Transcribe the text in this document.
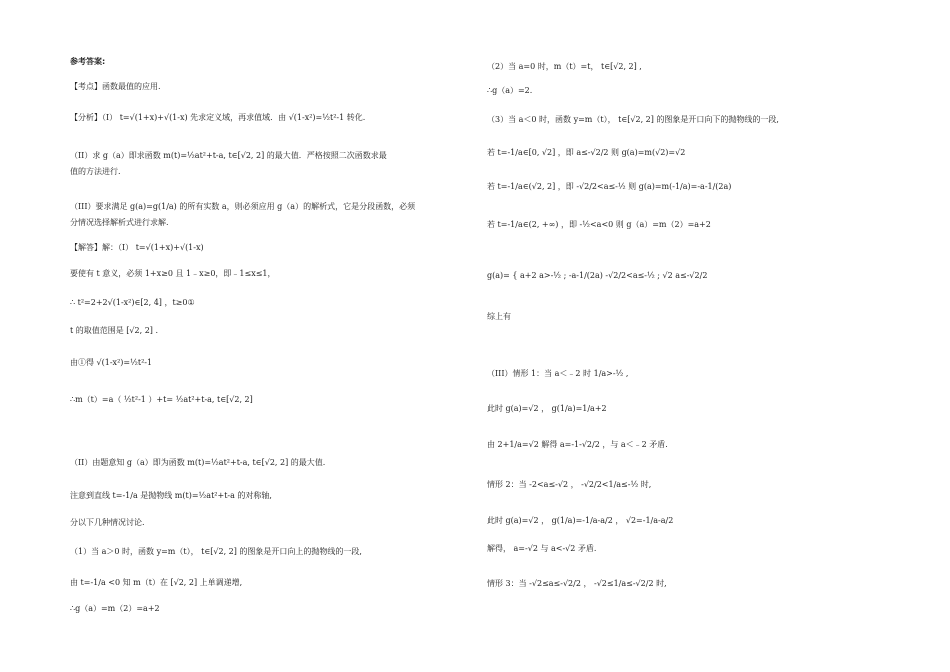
参考答案:
【考点】函数最值的应用.
【分析】（I） t=√(1+x)+√(1-x) 先求定义域，再求值域．由 √(1-x²)=½t²-1 转化.
（II）求 g（a）即求函数 m(t)=½at²+t-a, t∈[√2, 2] 的最大值．严格按照二次函数求最
值的方法进行.
（III）要求满足 g(a)=g(1/a) 的所有实数 a，则必须应用 g（a）的解析式，它是分段函数，必须
分情况选择解析式进行求解.
【解答】解：（I） t=√(1+x)+√(1-x)
要使有 t 意义，必须 1+x≥0 且 1﹣x≥0，即﹣1≤x≤1，
∴ t²=2+2√(1-x²)∈[2, 4] ，t≥0①
t 的取值范围是 [√2, 2] .
由①得 √(1-x²)=½t²-1
∴m（t）=a（ ½t²-1 ）+t= ½at²+t-a, t∈[√2, 2]
（II）由题意知 g（a）即为函数 m(t)=½at²+t-a, t∈[√2, 2] 的最大值.
注意到直线 t=-1/a 是抛物线 m(t)=½at²+t-a 的对称轴,
分以下几种情况讨论.
（1）当 a＞0 时，函数 y=m（t）， t∈[√2, 2] 的图象是开口向上的抛物线的一段,
由 t=-1/a <0 知 m（t）在 [√2, 2] 上单调递增,
∴g（a）=m（2）=a+2
（2）当 a=0 时，m（t）=t， t∈[√2, 2] ,
∴g（a）=2.
（3）当 a＜0 时，函数 y=m（t）， t∈[√2, 2] 的图象是开口向下的抛物线的一段,
若 t=-1/a∈[0, √2] ，即 a≤-√2/2 则 g(a)=m(√2)=√2
若 t=-1/a∈(√2, 2] ，即 -√2/2<a≤-½ 则 g(a)=m(-1/a)=-a-1/(2a)
若 t=-1/a∈(2, +∞) ，即 -½<a<0 则 g（a）=m（2）=a+2
g(a)= { a+2 a>-½ ; -a-1/(2a) -√2/2<a≤-½ ; √2 a≤-√2/2
综上有
（III）情形 1：当 a＜﹣2 时 1/a>-½ ,
此时 g(a)=√2 ， g(1/a)=1/a+2
由 2+1/a=√2 解得 a=-1-√2/2 ，与 a＜﹣2 矛盾.
情形 2：当 -2<a≤-√2 ， -√2/2<1/a≤-½ 时,
此时 g(a)=√2 ， g(1/a)=-1/a-a/2 ， √2=-1/a-a/2
解得， a=-√2 与 a<-√2 矛盾.
情形 3：当 -√2≤a≤-√2/2 ， -√2≤1/a≤-√2/2 时,
